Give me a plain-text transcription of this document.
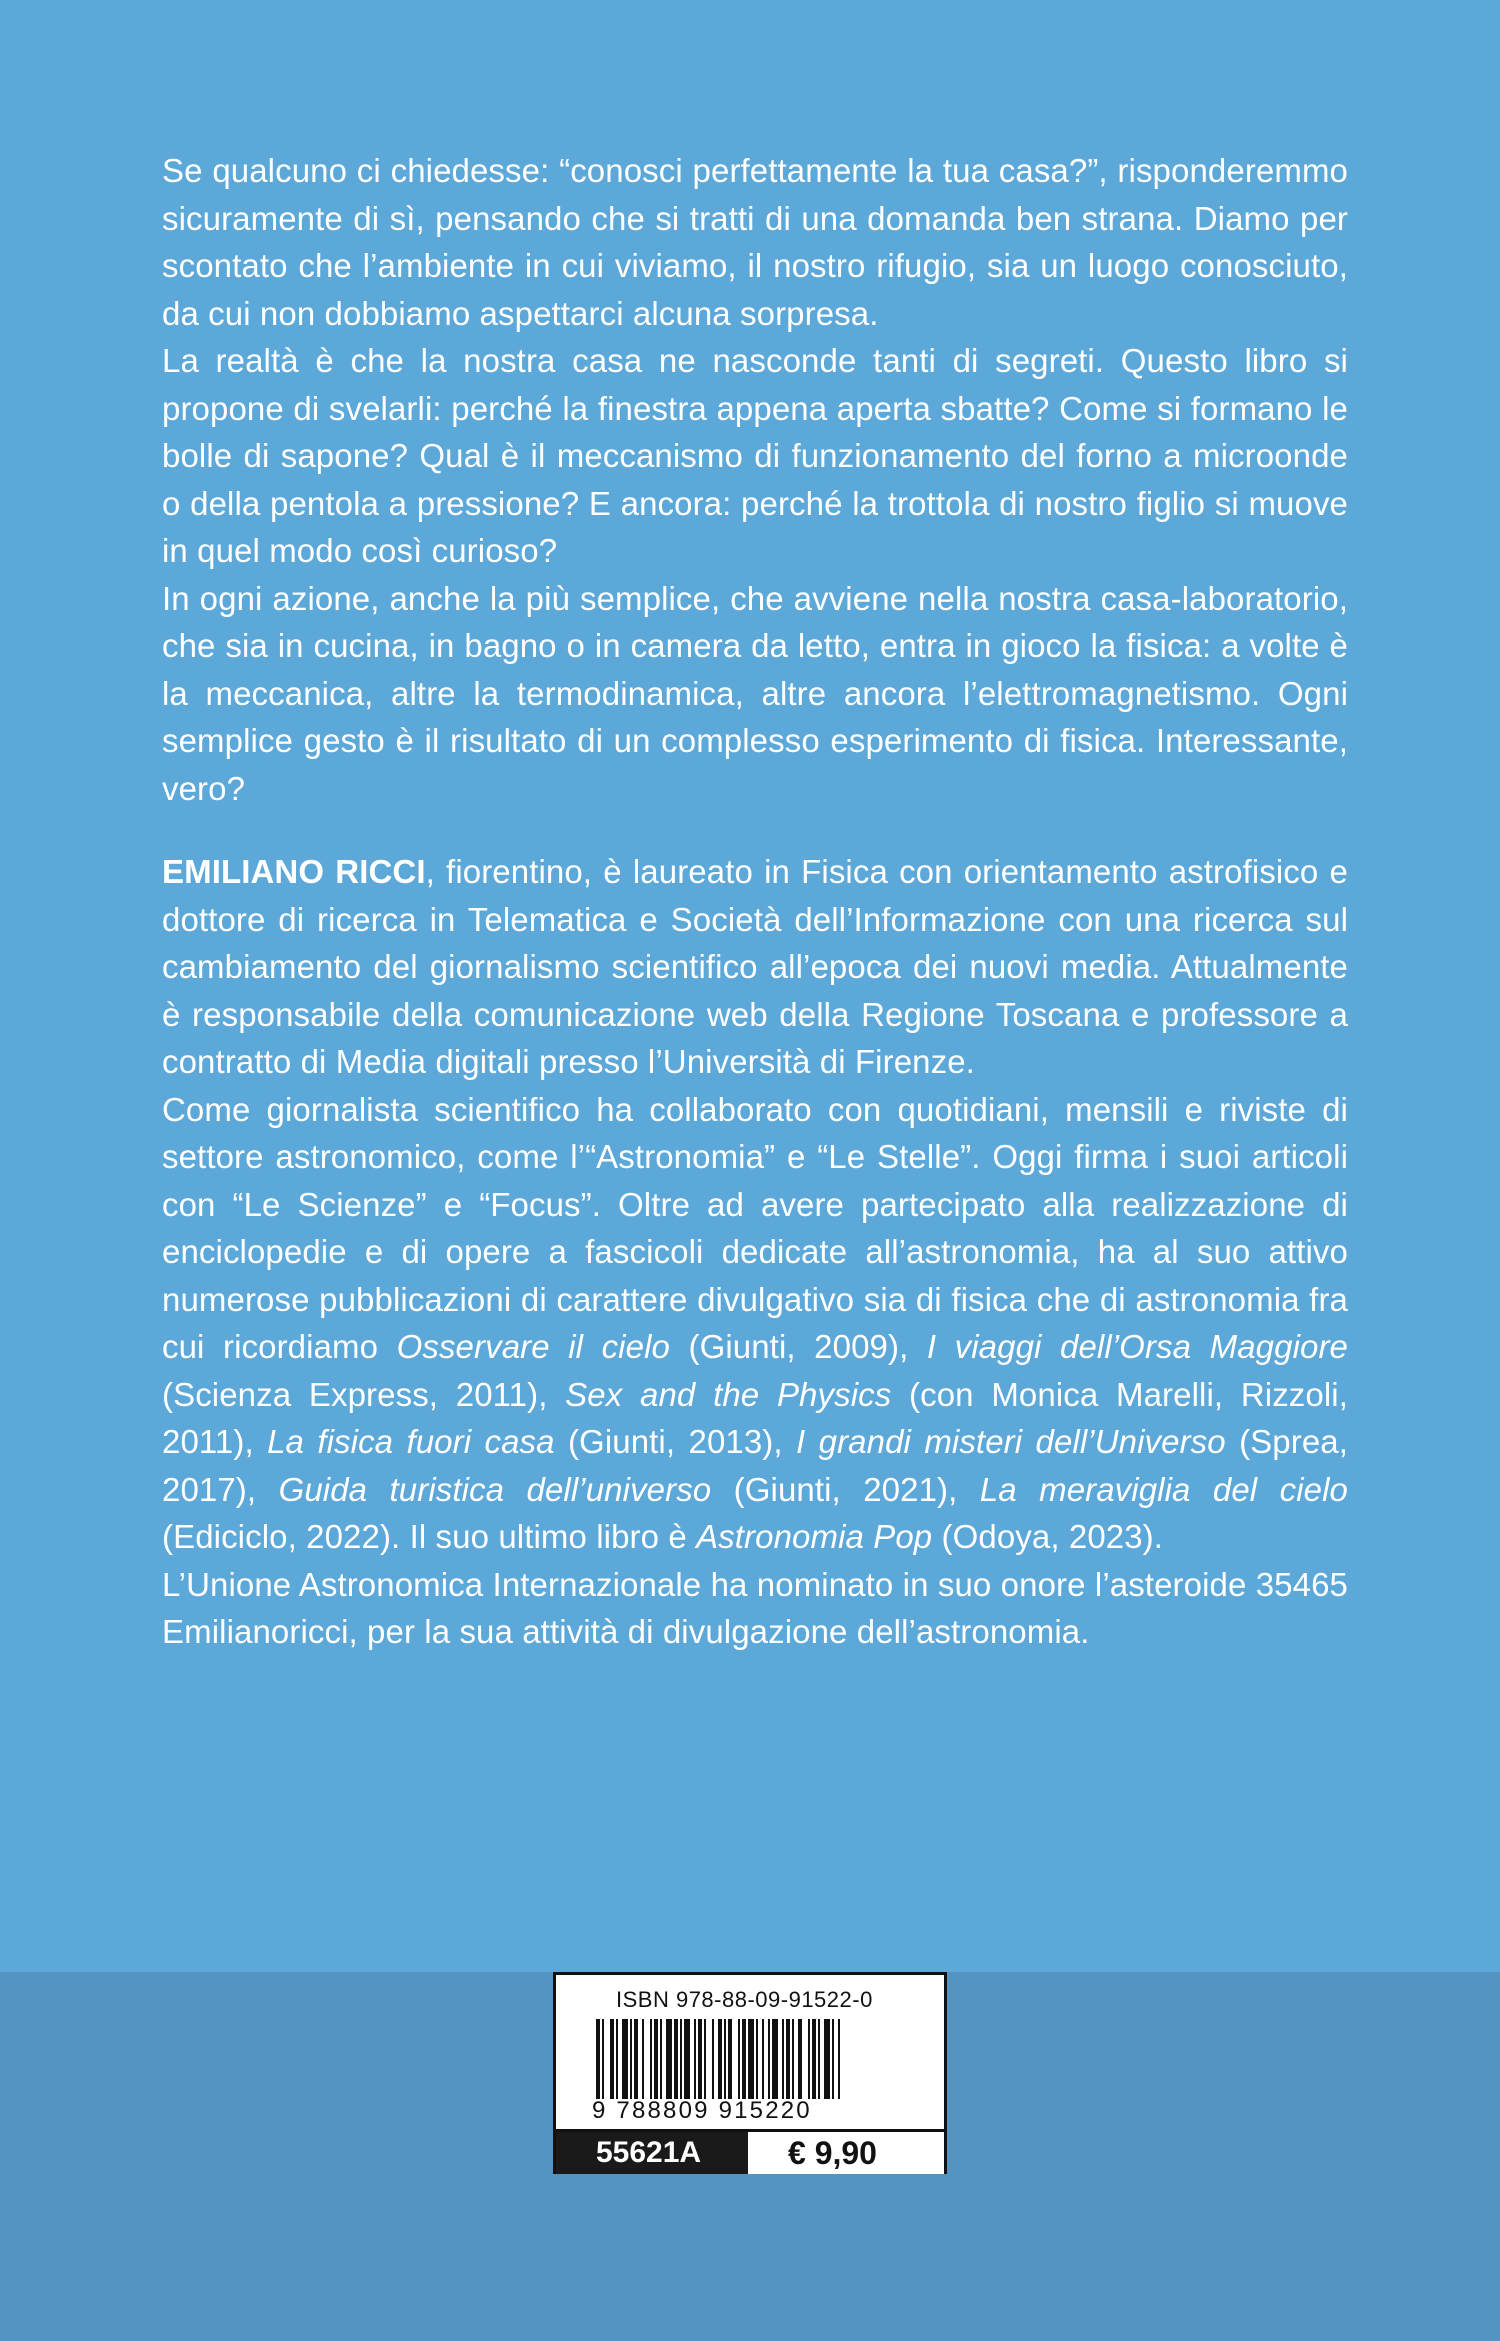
Se qualcuno ci chiedesse: “conosci perfettamente la tua casa?”, risponderemmo sicuramente di sì, pensando che si tratti di una domanda ben strana. Diamo per scontato che l’ambiente in cui viviamo, il nostro rifugio, sia un luogo conosciuto, da cui non dobbiamo aspettarci alcuna sorpresa.

La realtà è che la nostra casa ne nasconde tanti di segreti. Questo libro si propone di svelarli: perché la finestra appena aperta sbatte? Come si formano le bolle di sapone? Qual è il meccanismo di funzionamento del forno a microonde o della pentola a pressione? E ancora: perché la trottola di nostro figlio si muove in quel modo così curioso?

In ogni azione, anche la più semplice, che avviene nella nostra casa-laboratorio, che sia in cucina, in bagno o in camera da letto, entra in gioco la fisica: a volte è la meccanica, altre la termodinamica, altre ancora l’elettromagnetismo. Ogni semplice gesto è il risultato di un complesso esperimento di fisica. Interessante, vero?

EMILIANO RICCI, fiorentino, è laureato in Fisica con orientamento astrofisico e dottore di ricerca in Telematica e Società dell’Informazione con una ricerca sul cambiamento del giornalismo scientifico all’epoca dei nuovi media. Attualmente è responsabile della comunicazione web della Regione Toscana e professore a contratto di Media digitali presso l’Università di Firenze.

Come giornalista scientifico ha collaborato con quotidiani, mensili e riviste di settore astronomico, come l’“Astronomia” e “Le Stelle”. Oggi firma i suoi articoli con “Le Scienze” e “Focus”. Oltre ad avere partecipato alla realizzazione di enciclopedie e di opere a fascicoli dedicate all’astronomia, ha al suo attivo numerose pubblicazioni di carattere divulgativo sia di fisica che di astronomia fra cui ricordiamo Osservare il cielo (Giunti, 2009), I viaggi dell’Orsa Maggiore (Scienza Express, 2011), Sex and the Physics (con Monica Marelli, Rizzoli, 2011), La fisica fuori casa (Giunti, 2013), I grandi misteri dell’Universo (Sprea, 2017), Guida turistica dell’universo (Giunti, 2021), La meraviglia del cielo (Ediciclo, 2022). Il suo ultimo libro è Astronomia Pop (Odoya, 2023).

L’Unione Astronomica Internazionale ha nominato in suo onore l’asteroide 35465 Emilianoricci, per la sua attività di divulgazione dell’astronomia.

ISBN 978-88-09-91522-0
9 788809 915220
55621A	€ 9,90
